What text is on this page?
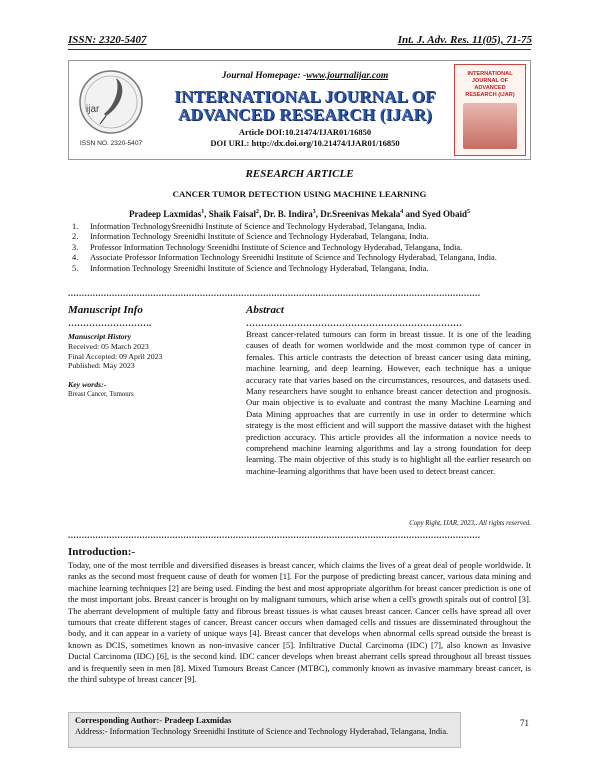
ISSN: 2320-5407	Int. J. Adv. Res. 11(05), 71-75
ijar
ISSN NO. 2320-5407
Journal Homepage: -www.journalijar.com
INTERNATIONAL JOURNAL OF
ADVANCED RESEARCH (IJAR)
Article DOI:10.21474/IJAR01/16850
DOI URL: http://dx.doi.org/10.21474/IJAR01/16850
INTERNATIONAL JOURNAL OF ADVANCED RESEARCH (IJAR)
RESEARCH ARTICLE
CANCER TUMOR DETECTION USING MACHINE LEARNING
Pradeep Laxmidas$^1$, Shaik Faisal$^2$, Dr. B. Indira$^3$, Dr.Sreenivas Mekala$^4$ and Syed Obaid$^5$
1. Information TechnologySreenidhi Institute of Science and Technology Hyderabad, Telangana, India.
2. Information Technology Sreenidhi Institute of Science and Technology Hyderabad, Telangana, India.
3. Professor Information Technology Sreenidhi Institute of Science and Technology Hyderabad, Telangana, India.
4. Associate Professor Information Technology Sreenidhi Institute of Science and Technology Hyderabad, Telangana, India.
5. Information Technology Sreenidhi Institute of Science and Technology Hyderabad, Telangana, India.
......................................................................................................................................................
Manuscript Info
……………………….
Manuscript History
Received: 05 March 2023
Final Accepted: 09 April 2023
Published: May 2023
Key words:-
Breast Cancer, Tumours
Abstract
………………………………………………………………
Breast cancer-related tumours can form in breast tissue. It is one of the leading causes of death for women worldwide and the most common type of cancer in females. This article contrasts the detection of breast cancer using data mining, machine learning, and deep learning. However, each technique has a unique accuracy rate that varies based on the circumstances, resources, and datasets used. Many researchers have sought to enhance breast cancer detection and prognosis. Our main objective is to evaluate and contrast the many Machine Learning and Data Mining approaches that are currently in use in order to determine which strategy is the most efficient and will support the massive dataset with the highest prediction accuracy. This article provides all the information a novice needs to comprehend machine learning algorithms and lay a strong foundation for deep learning. The main objective of this study is to highlight all the earlier research on machine-learning algorithms that have been used to detect breast cancer.
Copy Right, IJAR, 2023,. All rights reserved.
......................................................................................................................................................
Introduction:-
Today, one of the most terrible and diversified diseases is breast cancer, which claims the lives of a great deal of people worldwide. It ranks as the second most frequent cause of death for women [1]. For the purpose of predicting breast cancer, various data mining and machine learning techniques [2] are being used. Finding the best and most appropriate algorithm for breast cancer prediction is one of the most important jobs. Breast cancer is brought on by malignant tumours, which arise when a cell's growth spirals out of control [3]. The aberrant development of multiple fatty and fibrous breast tissues is what causes breast cancer. Cancer cells have spread all over tumours that create different stages of cancer. Breast cancer occurs when damaged cells and tissues are disseminated throughout the body, and it can appear in a variety of unique ways [4]. Breast cancer that develops when abnormal cells spread outside the breast is known as DCIS, sometimes known as non-invasive cancer [5]. Infiltrative Ductal Carcinoma (IDC) [7], also known as Invasive Ductal Carcinoma (IDC) [6], is the second kind. IDC cancer develops when breast aberrant cells spread throughout all breast tissues and is frequently seen in men [8]. Mixed Tumours Breast Cancer (MTBC), commonly known as invasive mammary breast cancer, is the third subtype of breast cancer [9].
Corresponding Author:- Pradeep Laxmidas
Address:- Information Technology Sreenidhi Institute of Science and Technology Hyderabad, Telangana, India.
71
